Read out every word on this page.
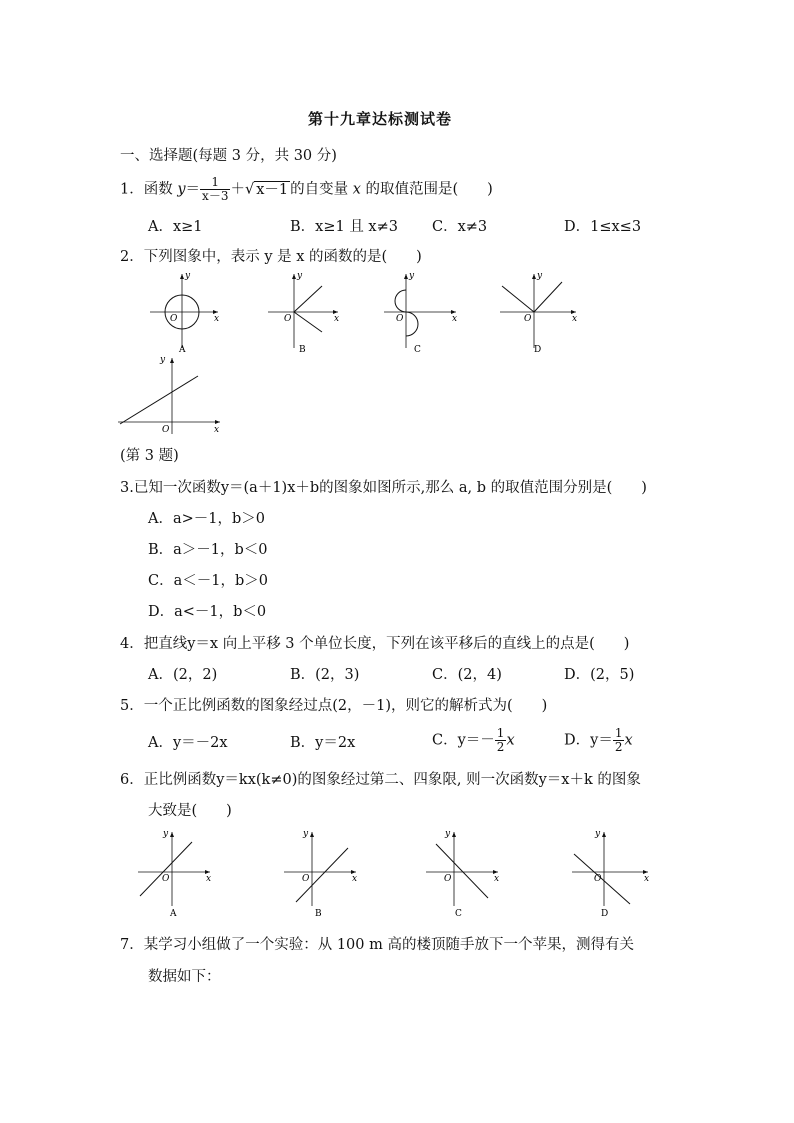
第十九章达标测试卷
一、选择题(每题 3 分，共 30 分)
1．函数 $y= \frac{1}{x-3}$ ＋√ x－1 的自变量 x 的取值范围是(　　)
A．x≥1	B．x≥1 且 x≠3 C．x≠3	D．1≤x≤3
2．下列图象中，表示 y 是 x 的函数的是(　　)
O	x
y
A
O	x
y
B
O	x
y
C
O	x
y
D
O	x
y
(第 3 题)
3.已知一次函数y＝(a＋1)x＋b的图象如图所示,那么 a, b 的取值范围分别是(　　)
A．a>－1，b＞0
B．a＞－1，b＜0
C．a＜－1，b＞0
D．a<－1，b＜0
4．把直线y＝x 向上平移 3 个单位长度，下列在该平移后的直线上的点是(　　)
A．(2，2)	B．(2，3)	C．(2，4)	D．(2，5)
5．一个正比例函数的图象经过点(2，－1)，则它的解析式为(　　)
A．y＝－2x	B．y＝2x	C．$y=- \frac{1}{2}$ x	D．$y= \frac{1}{2}$ x
6．正比例函数y＝kx(k≠0)的图象经过第二、四象限, 则一次函数y＝x＋k 的图象
大致是(　　)
O	x
y
A
O	x
y
B
O	x
y
C
O	x
y
D
7．某学习小组做了一个实验：从 100 m 高的楼顶随手放下一个苹果，测得有关
数据如下：
